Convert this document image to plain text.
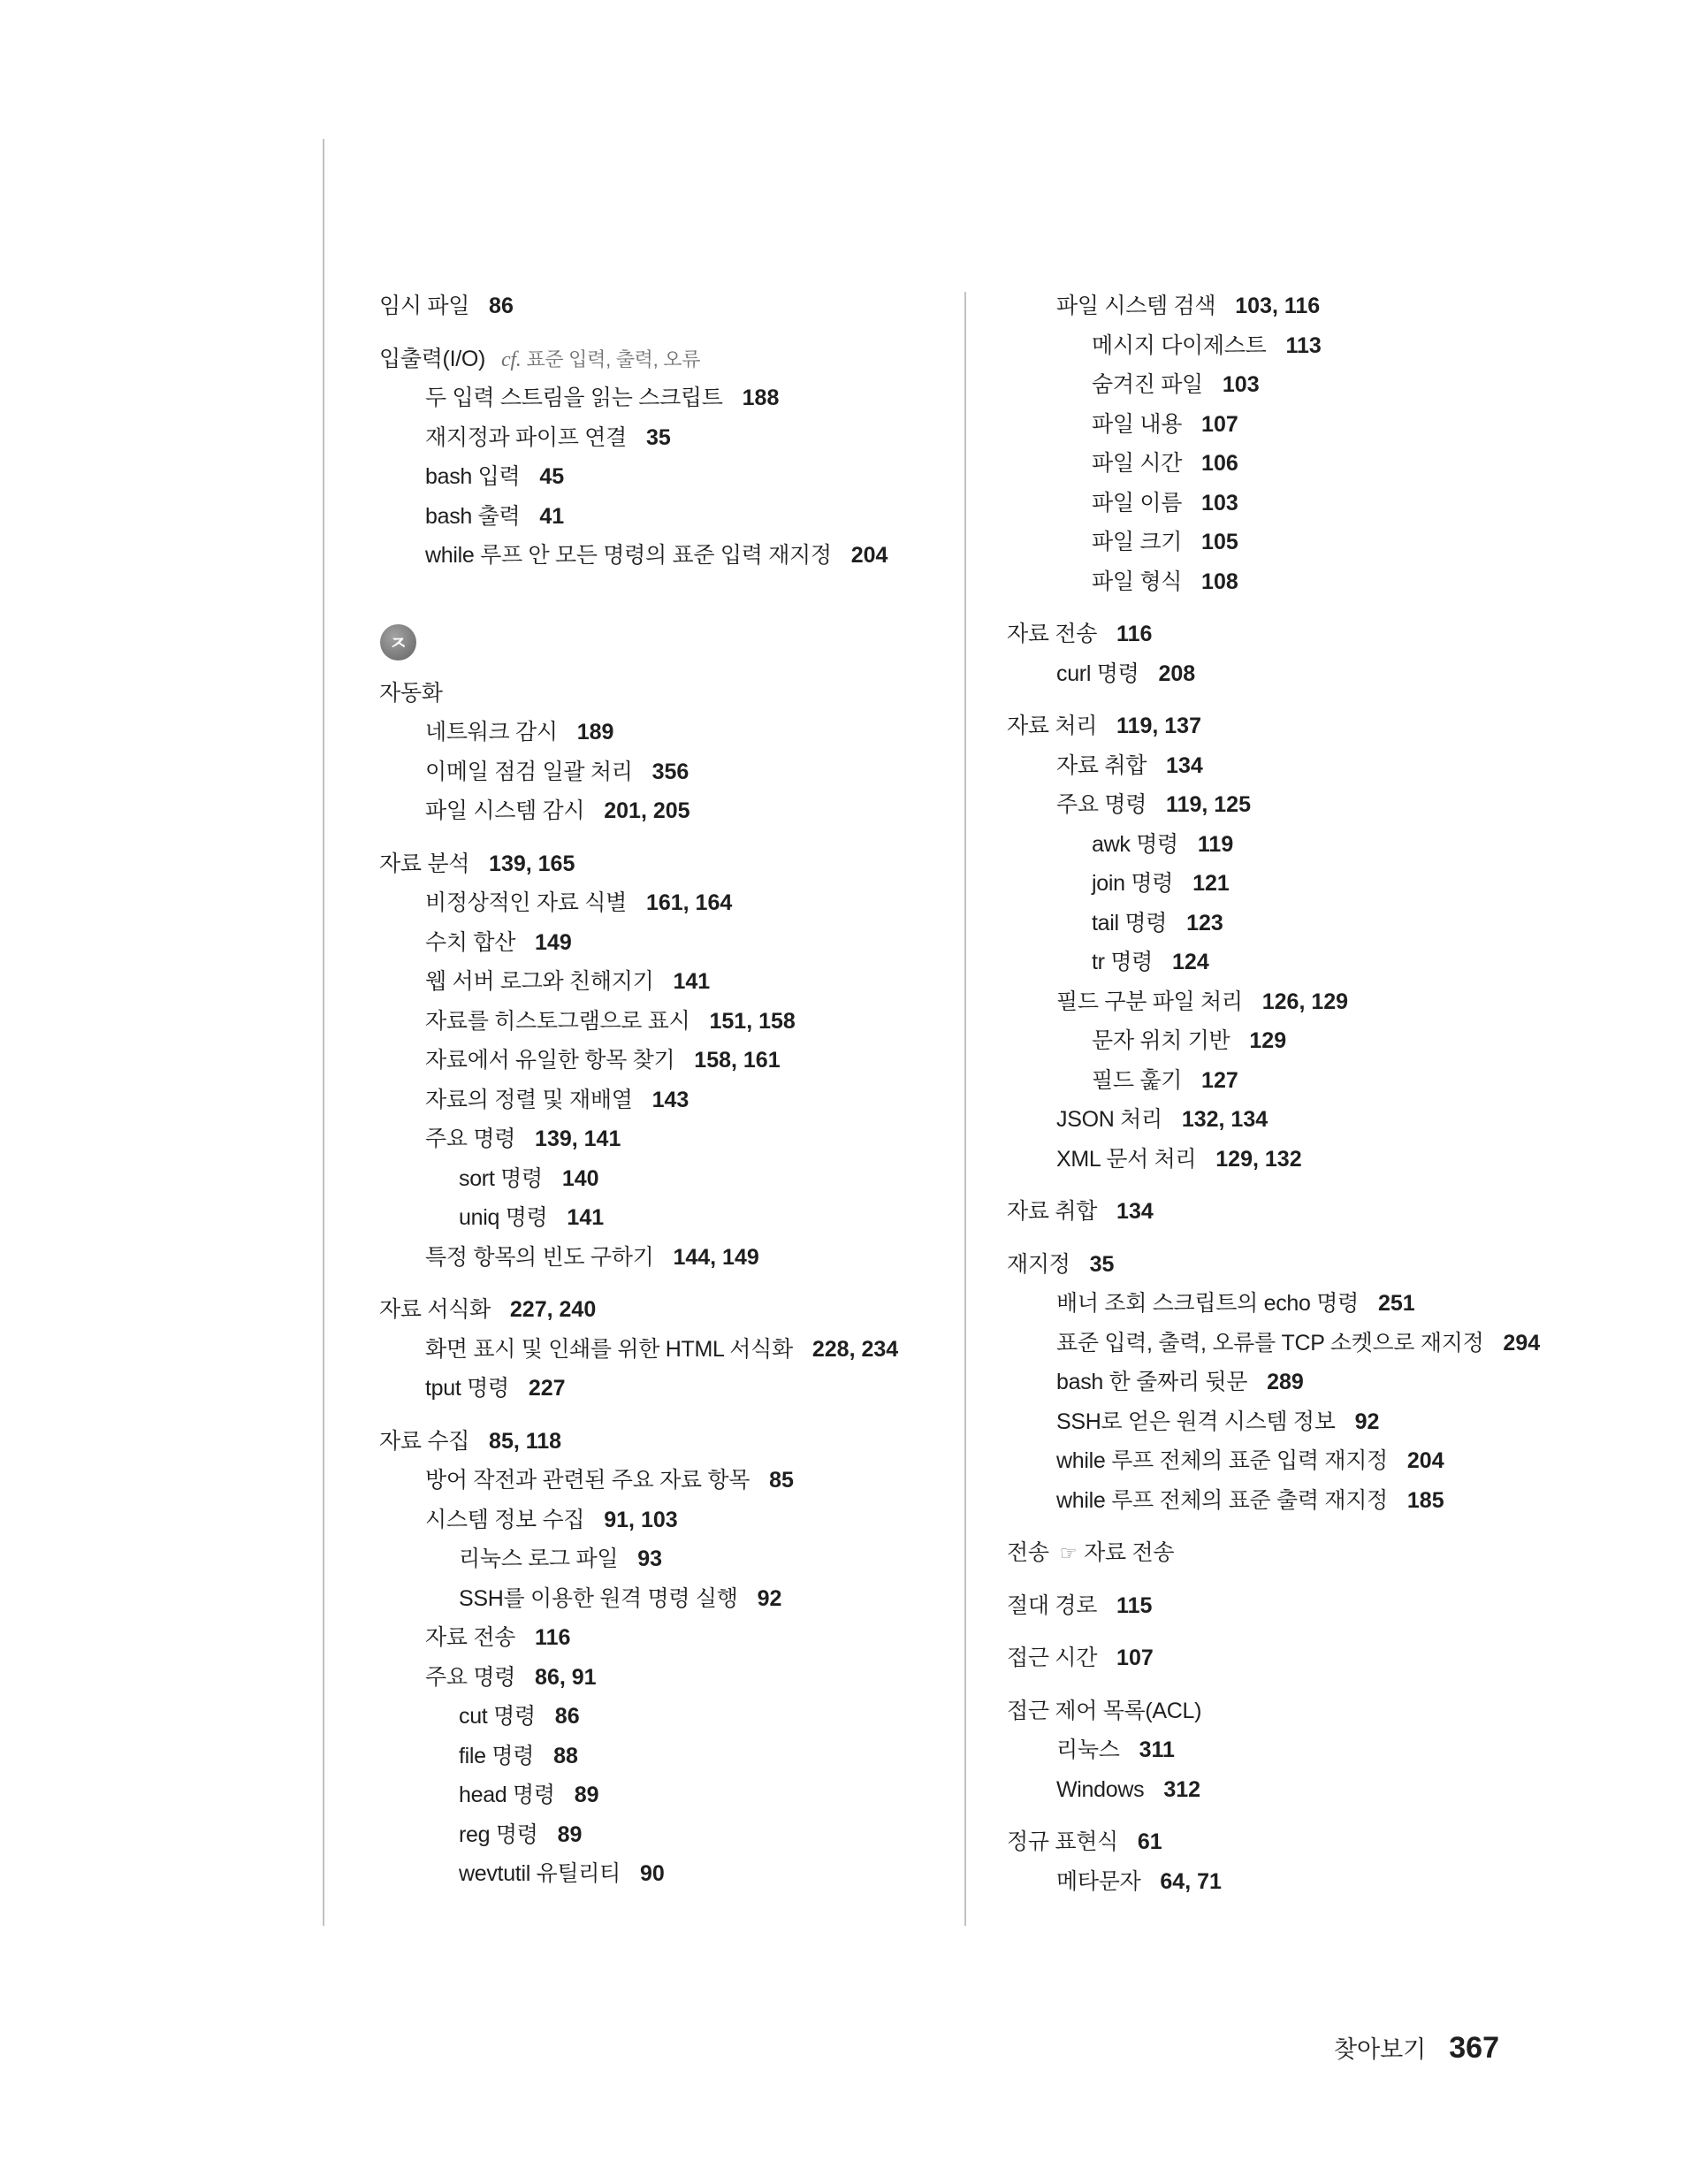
임시 파일 86
입출력(I/O) cf. 표준 입력, 출력, 오류
두 입력 스트림을 읽는 스크립트 188
재지정과 파이프 연결 35
bash 입력 45
bash 출력 41
while 루프 안 모든 명령의 표준 입력 재지정 204
ㅈ
자동화
네트워크 감시 189
이메일 점검 일괄 처리 356
파일 시스템 감시 201, 205
자료 분석 139, 165
비정상적인 자료 식별 161, 164
수치 합산 149
웹 서버 로그와 친해지기 141
자료를 히스토그램으로 표시 151, 158
자료에서 유일한 항목 찾기 158, 161
자료의 정렬 및 재배열 143
주요 명령 139, 141
sort 명령 140
uniq 명령 141
특정 항목의 빈도 구하기 144, 149
자료 서식화 227, 240
화면 표시 및 인쇄를 위한 HTML 서식화 228, 234
tput 명령 227
자료 수집 85, 118
방어 작전과 관련된 주요 자료 항목 85
시스템 정보 수집 91, 103
리눅스 로그 파일 93
SSH를 이용한 원격 명령 실행 92
자료 전송 116
주요 명령 86, 91
cut 명령 86
file 명령 88
head 명령 89
reg 명령 89
wevtutil 유틸리티 90
파일 시스템 검색 103, 116
메시지 다이제스트 113
숨겨진 파일 103
파일 내용 107
파일 시간 106
파일 이름 103
파일 크기 105
파일 형식 108
자료 전송 116
curl 명령 208
자료 처리 119, 137
자료 취합 134
주요 명령 119, 125
awk 명령 119
join 명령 121
tail 명령 123
tr 명령 124
필드 구분 파일 처리 126, 129
문자 위치 기반 129
필드 훑기 127
JSON 처리 132, 134
XML 문서 처리 129, 132
자료 취합 134
재지정 35
배너 조회 스크립트의 echo 명령 251
표준 입력, 출력, 오류를 TCP 소켓으로 재지정 294
bash 한 줄짜리 뒷문 289
SSH로 얻은 원격 시스템 정보 92
while 루프 전체의 표준 입력 재지정 204
while 루프 전체의 표준 출력 재지정 185
전송 ☞ 자료 전송
절대 경로 115
접근 시간 107
접근 제어 목록(ACL)
리눅스 311
Windows 312
정규 표현식 61
메타문자 64, 71
찾아보기 367
